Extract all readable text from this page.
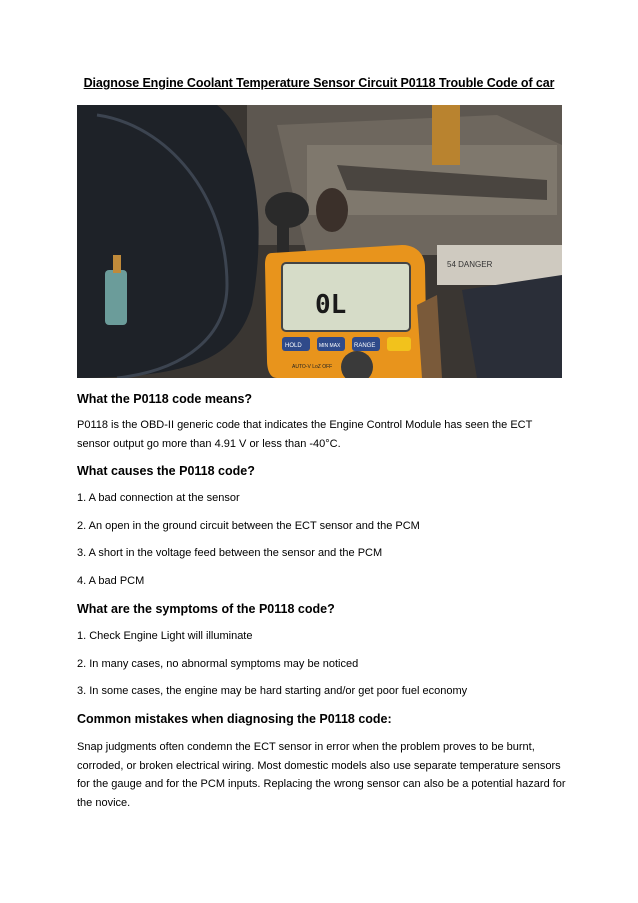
Diagnose Engine Coolant Temperature Sensor Circuit P0118 Trouble Code of car
54 DANGER
0L
HOLD	MIN MAX RANGE
AUTO-V LoZ OFF
What the P0118 code means?
P0118 is the OBD-II generic code that indicates the Engine Control Module has seen the ECT sensor output go more than 4.91 V or less than -40°C.
What causes the P0118 code?
1. A bad connection at the sensor
2. An open in the ground circuit between the ECT sensor and the PCM
3. A short in the voltage feed between the sensor and the PCM
4. A bad PCM
What are the symptoms of the P0118 code?
1. Check Engine Light will illuminate
2. In many cases, no abnormal symptoms may be noticed
3. In some cases, the engine may be hard starting and/or get poor fuel economy
Common mistakes when diagnosing the P0118 code:
Snap judgments often condemn the ECT sensor in error when the problem proves to be burnt, corroded, or broken electrical wiring. Most domestic models also use separate temperature sensors for the gauge and for the PCM inputs. Replacing the wrong sensor can also be a potential hazard for the novice.
